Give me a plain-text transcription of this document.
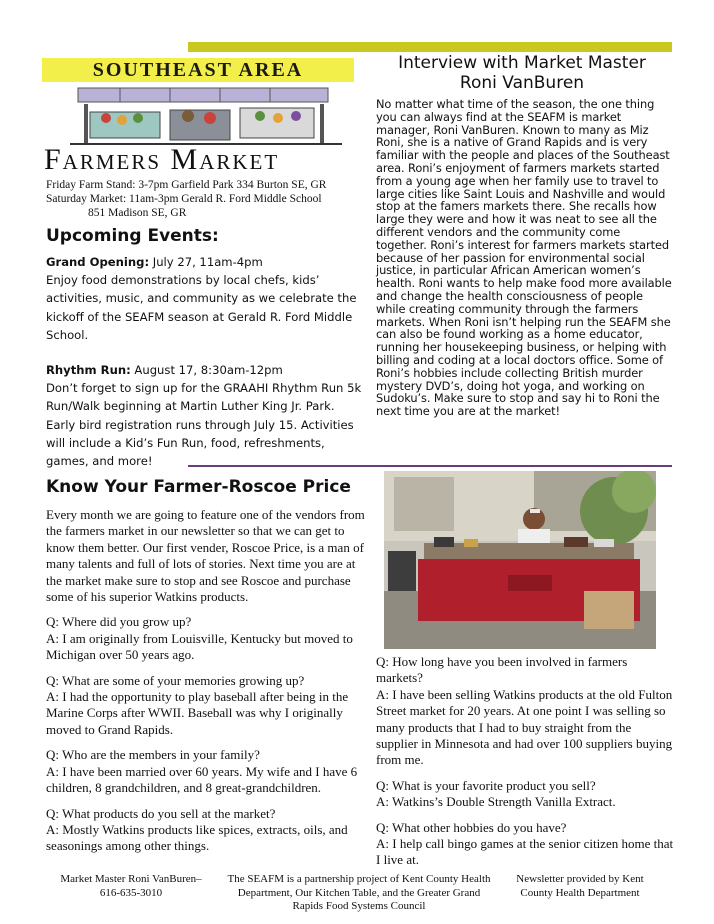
SOUTHEAST AREA
Farmers Market
Friday Farm Stand: 3-7pm Garfield Park 334 Burton SE, GR
Saturday Market: 11am-3pm Gerald R. Ford Middle School
851 Madison SE, GR
Upcoming Events:

Grand Opening: July 27, 11am-4pm
Enjoy food demonstrations by local chefs, kids’ activities, music, and community as we celebrate the kickoff of the SEAFM season at Gerald R. Ford Middle School.

Rhythm Run: August 17, 8:30am-12pm
Don’t forget to sign up for the GRAAHI Rhythm Run 5k Run/Walk beginning at Martin Luther King Jr. Park. Early bird registration runs through July 15. Activities will include a Kid’s Fun Run, food, refreshments, games, and more!

Interview with Market Master
Roni VanBuren
No matter what time of the season, the one thing you can always find at the SEAFM is market manager, Roni VanBuren. Known to many as Miz Roni, she is a native of Grand Rapids and is very familiar with the people and places of the Southeast area. Roni’s enjoyment of farmers markets started from a young age when her family use to travel to large cities like Saint Louis and Nashville and would stop at the famers markets there. She recalls how large they were and how it was neat to see all the different vendors and the community come together. Roni’s interest for farmers markets started because of her passion for environmental social justice, in particular African American women’s health. Roni wants to help make food more available and change the health consciousness of people while creating community through the farmers markets. When Roni isn’t helping run the SEAFM she can also be found working as a home educator, running her housekeeping business, or helping with billing and coding at a local doctors office. Some of Roni’s hobbies include collecting British murder mystery DVD’s, doing hot yoga, and working on Sudoku’s. Make sure to stop and say hi to Roni the next time you are at the market!
Know Your Farmer-Roscoe Price

Every month we are going to feature one of the vendors from the farmers market in our newsletter so that we can get to know them better. Our first vender, Roscoe Price, is a man of many talents and full of lots of stories. Next time you are at the market make sure to stop and see Roscoe and purchase some of his superior Watkins products.

Q: Where did you grow up?
A: I am originally from Louisville, Kentucky but moved to Michigan over 50 years ago.

Q: What are some of your memories growing up?
A: I had the opportunity to play baseball after being in the Marine Corps after WWII. Baseball was why I originally moved to Grand Rapids.

Q: Who are the members in your family?
A: I have been married over 60 years. My wife and I have 6 children, 8 grandchildren, and 8 great-grandchildren.

Q: What products do you sell at the market?
A: Mostly Watkins products like spices, extracts, oils, and seasonings among other things.

Q: How long have you been involved in farmers markets?
A: I have been selling Watkins products at the old Fulton Street market for 20 years. At one point I was selling so many products that I had to buy straight from the supplier in Minnesota and had over 100 suppliers buying from me.

Q: What is your favorite product you sell?
A: Watkins’s Double Strength Vanilla Extract.

Q: What other hobbies do you have?
A: I help call bingo games at the senior citizen home that I live at.

Market Master Roni VanBuren–
616-635-3010
The SEAFM is a partnership project of Kent County Health Department, Our Kitchen Table, and the Greater Grand Rapids Food Systems Council
Newsletter provided by Kent County Health Department
